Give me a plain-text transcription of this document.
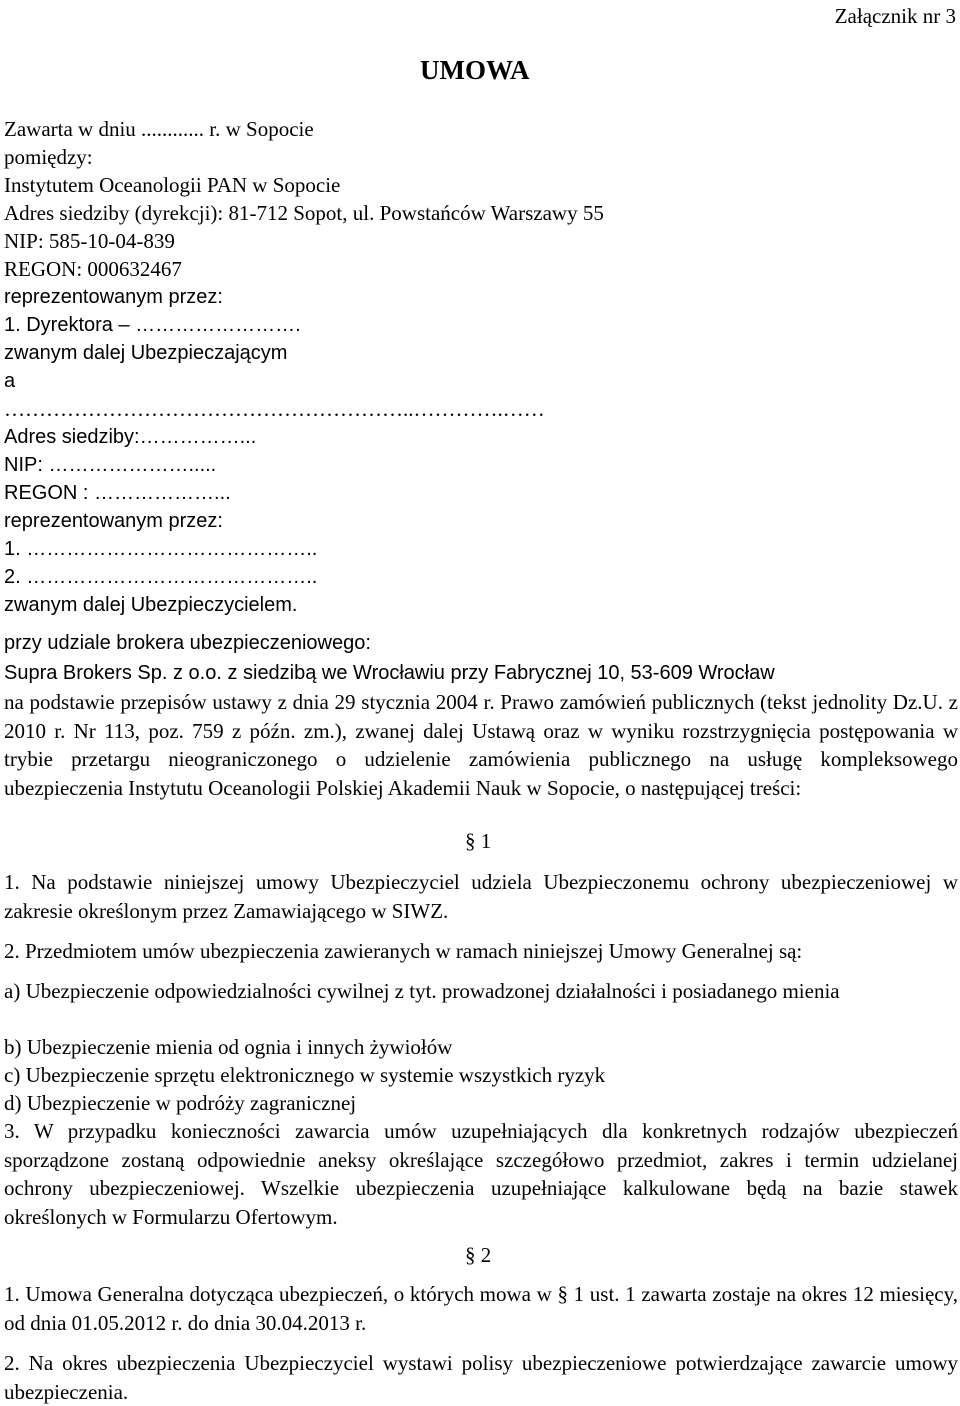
Załącznik nr 3
UMOWA
Zawarta w dniu ............ r. w Sopocie
pomiędzy:
Instytutem Oceanologii PAN w Sopocie
Adres siedziby (dyrekcji): 81-712 Sopot, ul. Powstańców Warszawy 55
NIP: 585-10-04-839
REGON: 000632467
reprezentowanym przez:
1. Dyrektora – …………………….
zwanym dalej Ubezpieczającym
a
…………………………………………………..………….……
Adres siedziby:……………...
NIP: ………………….....
REGON : ………………...
reprezentowanym przez:
1. ……………………………………..
2. ……………………………………..
zwanym dalej Ubezpieczycielem.
przy udziale brokera ubezpieczeniowego:
Supra Brokers Sp. z o.o. z siedzibą we Wrocławiu przy Fabrycznej 10, 53-609 Wrocław
na podstawie przepisów ustawy z dnia 29 stycznia 2004 r. Prawo zamówień publicznych (tekst jednolity Dz.U. z 2010 r. Nr 113, poz. 759 z późn. zm.), zwanej dalej Ustawą oraz w wyniku rozstrzygnięcia postępowania w trybie przetargu nieograniczonego o udzielenie zamówienia publicznego na usługę kompleksowego ubezpieczenia Instytutu Oceanologii Polskiej Akademii Nauk w Sopocie, o następującej treści:
§ 1
1. Na podstawie niniejszej umowy Ubezpieczyciel udziela Ubezpieczonemu ochrony ubezpieczeniowej w zakresie określonym przez Zamawiającego w SIWZ.
2. Przedmiotem umów ubezpieczenia zawieranych w ramach niniejszej Umowy Generalnej są:
a) Ubezpieczenie odpowiedzialności cywilnej z tyt. prowadzonej działalności i posiadanego mienia
b) Ubezpieczenie mienia od ognia i innych żywiołów
c) Ubezpieczenie sprzętu elektronicznego w systemie wszystkich ryzyk
d) Ubezpieczenie w podróży zagranicznej
3. W przypadku konieczności zawarcia umów uzupełniających dla konkretnych rodzajów ubezpieczeń sporządzone zostaną odpowiednie aneksy określające szczegółowo przedmiot, zakres i termin udzielanej ochrony ubezpieczeniowej. Wszelkie ubezpieczenia uzupełniające kalkulowane będą na bazie stawek określonych w Formularzu Ofertowym.
§ 2
1. Umowa Generalna dotycząca ubezpieczeń, o których mowa w § 1 ust. 1 zawarta zostaje na okres 12 miesięcy, od dnia 01.05.2012 r. do dnia 30.04.2013 r.
2. Na okres ubezpieczenia Ubezpieczyciel wystawi polisy ubezpieczeniowe potwierdzające zawarcie umowy ubezpieczenia.
